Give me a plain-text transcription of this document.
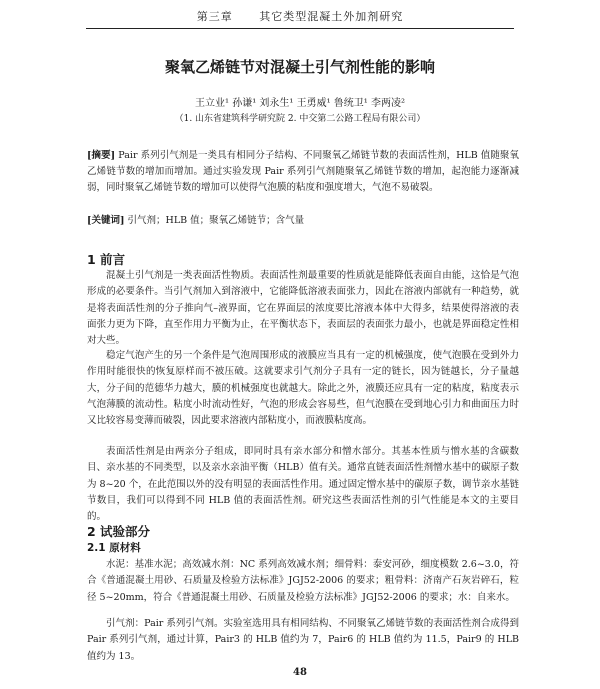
第三章 其它类型混凝土外加剂研究
聚氧乙烯链节对混凝土引气剂性能的影响
王立业¹ 孙谦¹ 刘永生¹ 王勇威¹ 鲁统卫¹ 李两凌²
（1. 山东省建筑科学研究院 2. 中交第二公路工程局有限公司）
[摘要] Pair 系列引气剂是一类具有相同分子结构、不同聚氧乙烯链节数的表面活性剂，HLB 值随聚氧乙烯链节数的增加而增加。通过实验发现 Pair 系列引气剂随聚氧乙烯链节数的增加，起泡能力逐渐减弱，同时聚氧乙烯链节数的增加可以使得气泡膜的粘度和强度增大，气泡不易破裂。
[关键词] 引气剂；HLB 值；聚氧乙烯链节；含气量
1 前言

混凝土引气剂是一类表面活性物质。表面活性剂最重要的性质就是能降低表面自由能，这恰是气泡形成的必要条件。当引气剂加入到溶液中，它能降低溶液表面张力，因此在溶液内部就有一种趋势，就是将表面活性剂的分子推向气–液界面，它在界面层的浓度要比溶液本体中大得多，结果使得溶液的表面张力更为下降，直至作用力平衡为止，在平衡状态下，表面层的表面张力最小，也就是界面稳定性相对大些。

稳定气泡产生的另一个条件是气泡周围形成的液膜应当具有一定的机械强度，使气泡膜在受到外力作用时能很快的恢复原样而不被压破。这就要求引气剂分子具有一定的链长，因为链越长，分子量越大，分子间的范德华力越大，膜的机械强度也就越大。除此之外，液膜还应具有一定的粘度，粘度表示气泡薄膜的流动性。粘度小时流动性好，气泡的形成会容易些，但气泡膜在受到地心引力和曲面压力时又比较容易变薄而破裂，因此要求溶液内部粘度小，而液膜粘度高。

表面活性剂是由两亲分子组成，即同时具有亲水部分和憎水部分。其基本性质与憎水基的含碳数目、亲水基的不同类型，以及亲水亲油平衡（HLB）值有关。通常直链表面活性剂憎水基中的碳原子数为 8~20 个，在此范围以外的没有明显的表面活性作用。通过固定憎水基中的碳原子数，调节亲水基链节数目，我们可以得到不同 HLB 值的表面活性剂。研究这些表面活性剂的引气性能是本文的主要目的。

2 试验部分
2.1 原材料

水泥：基准水泥；高效减水剂：NC 系列高效减水剂；细骨料：泰安河砂，细度模数 2.6~3.0，符合《普通混凝土用砂、石质量及检验方法标准》JGJ52-2006 的要求；粗骨料：济南产石灰岩碎石，粒径 5~20mm，符合《普通混凝土用砂、石质量及检验方法标准》JGJ52-2006 的要求；水：自来水。

引气剂：Pair 系列引气剂。实验室选用具有相同结构、不同聚氧乙烯链节数的表面活性剂合成得到 Pair 系列引气剂，通过计算，Pair3 的 HLB 值约为 7，Pair6 的 HLB 值约为 11.5，Pair9 的 HLB 值约为 13。

48
